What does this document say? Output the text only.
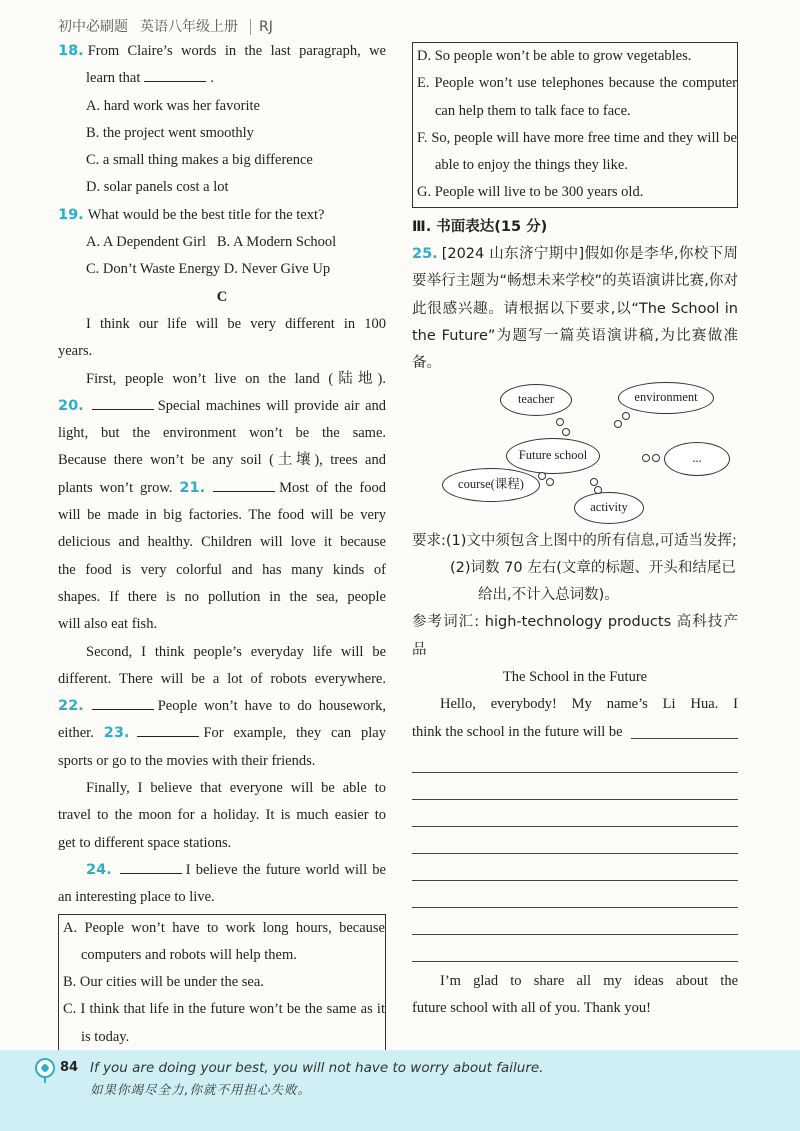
初中必刷题 英语八年级上册 RJ
18. From Claire’s words in the last paragraph, we
learn that	.
A. hard work was her favorite
B. the project went smoothly
C. a small thing makes a big difference
D. solar panels cost a lot
19. What would be the best title for the text?
A. A Dependent Girl B. A Modern School
C. Don’t Waste Energy D. Never Give Up
C
I think our life will be very different in 100
years.
First, people won’t live on the land (陆地).
20.	Special machines will provide air and
light, but the environment won’t be the same.
Because there won’t be any soil (土壤), trees and
plants won’t grow. 21.	Most of the food
will be made in big factories. The food will be very
delicious and healthy. Children will love it because
the food is very colorful and has many kinds of
shapes. If there is no pollution in the sea, people
will also eat fish.
Second, I think people’s everyday life will be
different. There will be a lot of robots everywhere.
22.	People won’t have to do housework,
either. 23.	For example, they can play
sports or go to the movies with their friends.
Finally, I believe that everyone will be able to
travel to the moon for a holiday. It is much easier to
get to different space stations.
24.	I believe the future world will be
an interesting place to live.
A. People won’t have to work long hours, because computers and robots will help them.
B. Our cities will be under the sea.
C. I think that life in the future won’t be the same as it is today.
D. So people won’t be able to grow vegetables.
E. People won’t use telephones because the computer can help them to talk face to face.
F. So, people will have more free time and they will be able to enjoy the things they like.
G. People will live to be 300 years old.
Ⅲ. 书面表达(15 分)
25. [2024 山东济宁期中]假如你是李华,你校下周要举行主题为“畅想未来学校”的英语演讲比赛,你对此很感兴趣。请根据以下要求,以“The School in the Future”为题写一篇英语演讲稿,为比赛做准备。
Future school
teacher	environment
...
course(课程)
activity
要求:(1)文中须包含上图中的所有信息,可适当发挥;
(2)词数 70 左右(文章的标题、开头和结尾已给出,不计入总词数)。
参考词汇: high-technology products 高科技产品
The School in the Future
Hello, everybody! My name’s Li Hua. I
think the school in the future will be
I’m glad to share all my ideas about the
future school with all of you. Thank you!
84 If you are doing your best, you will not have to worry about failure.
如果你竭尽全力,你就不用担心失败。
